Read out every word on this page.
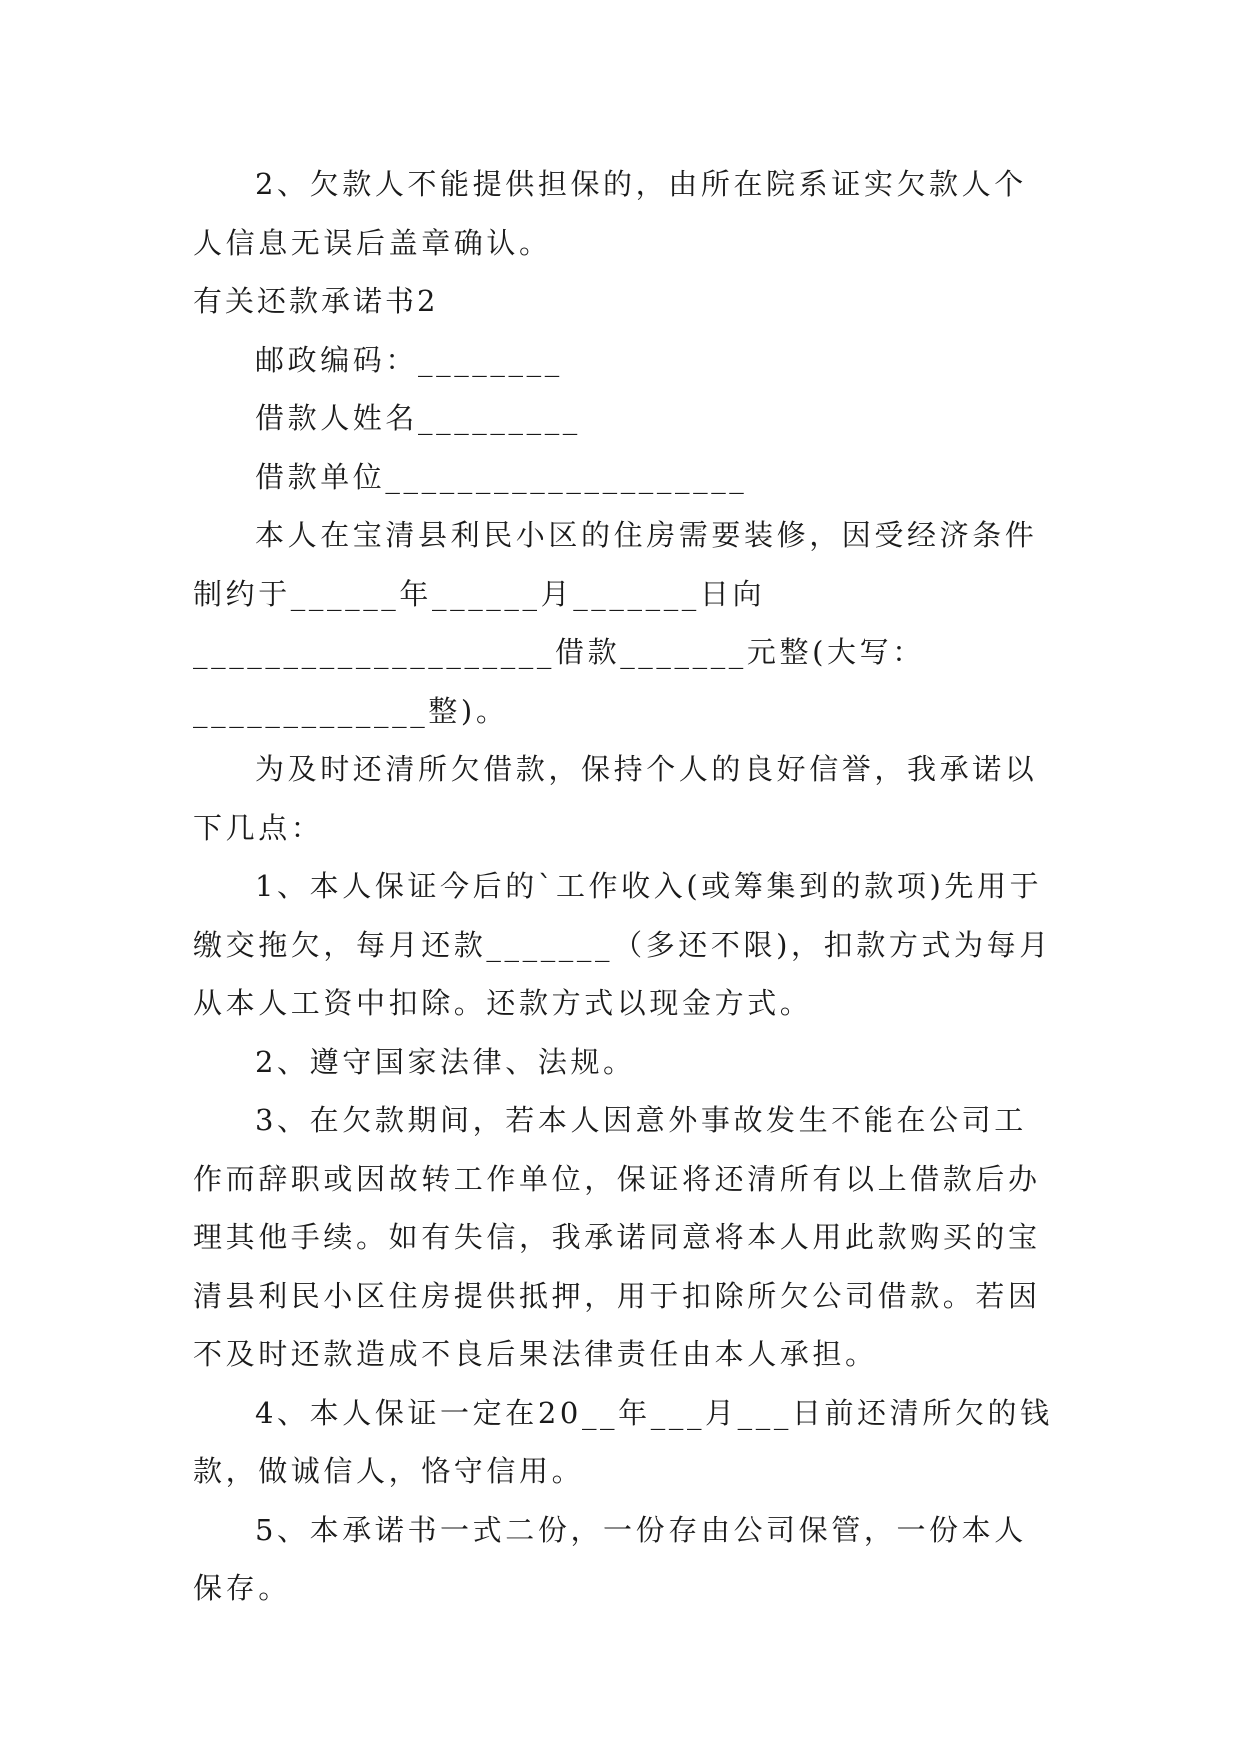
2、欠款人不能提供担保的，由所在院系证实欠款人个人信息无误后盖章确认。

有关还款承诺书2

邮政编码：________

借款人姓名_________

借款单位____________________

本人在宝清县利民小区的住房需要装修，因受经济条件制约于______年______月_______日向____________________借款_______元整(大写：_____________整)。

为及时还清所欠借款，保持个人的良好信誉，我承诺以下几点：

1、本人保证今后的`工作收入(或筹集到的款项)先用于缴交拖欠，每月还款_______（多还不限)，扣款方式为每月从本人工资中扣除。还款方式以现金方式。

2、遵守国家法律、法规。

3、在欠款期间，若本人因意外事故发生不能在公司工作而辞职或因故转工作单位，保证将还清所有以上借款后办理其他手续。如有失信，我承诺同意将本人用此款购买的宝清县利民小区住房提供抵押，用于扣除所欠公司借款。若因不及时还款造成不良后果法律责任由本人承担。

4、本人保证一定在20__年___月___日前还清所欠的钱款，做诚信人，恪守信用。

5、本承诺书一式二份，一份存由公司保管，一份本人保存。
